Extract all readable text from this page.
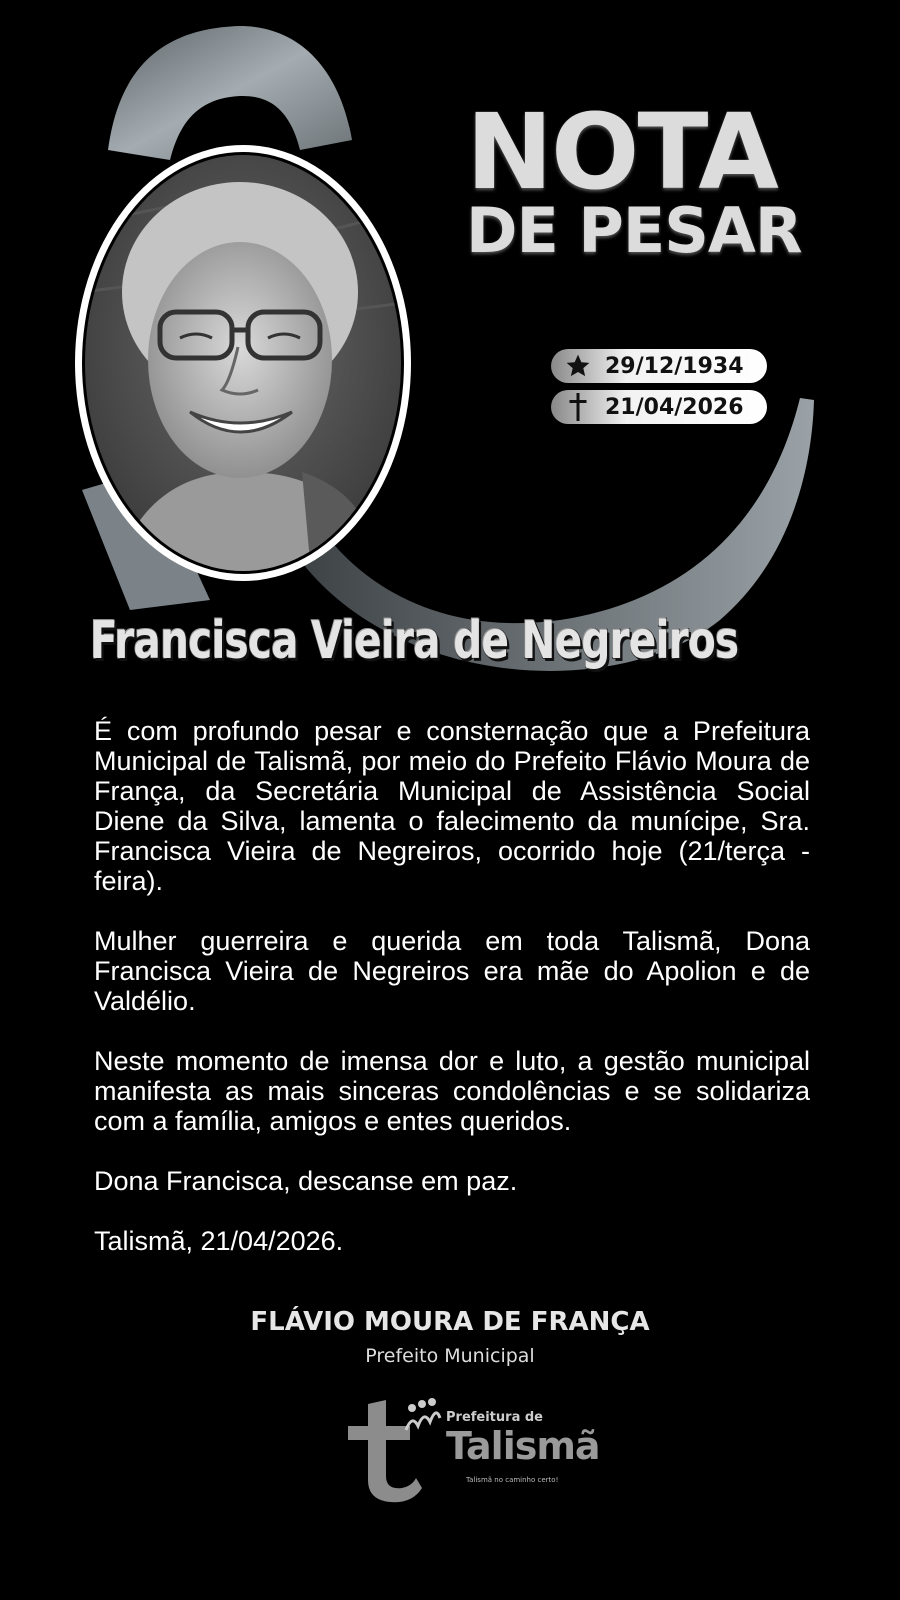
NOTA
DE PESAR
29/12/1934
21/04/2026
Francisca Vieira de Negreiros

É com profundo pesar e consternação que a Prefeitura Municipal de Talismã, por meio do Prefeito Flávio Moura de França, da Secretária Municipal de Assistência Social Diene da Silva, lamenta o falecimento da munícipe, Sra. Francisca Vieira de Negreiros, ocorrido hoje (21/terça - feira).

Mulher guerreira e querida em toda Talismã, Dona Francisca Vieira de Negreiros era mãe do Apolion e de Valdélio.

Neste momento de imensa dor e luto, a gestão municipal manifesta as mais sinceras condolências e se solidariza com a família, amigos e entes queridos.

Dona Francisca, descanse em paz.

Talismã, 21/04/2026.

FLÁVIO MOURA DE FRANÇA
Prefeito Municipal
Prefeitura de
Talismã
Talismã no caminho certo!
